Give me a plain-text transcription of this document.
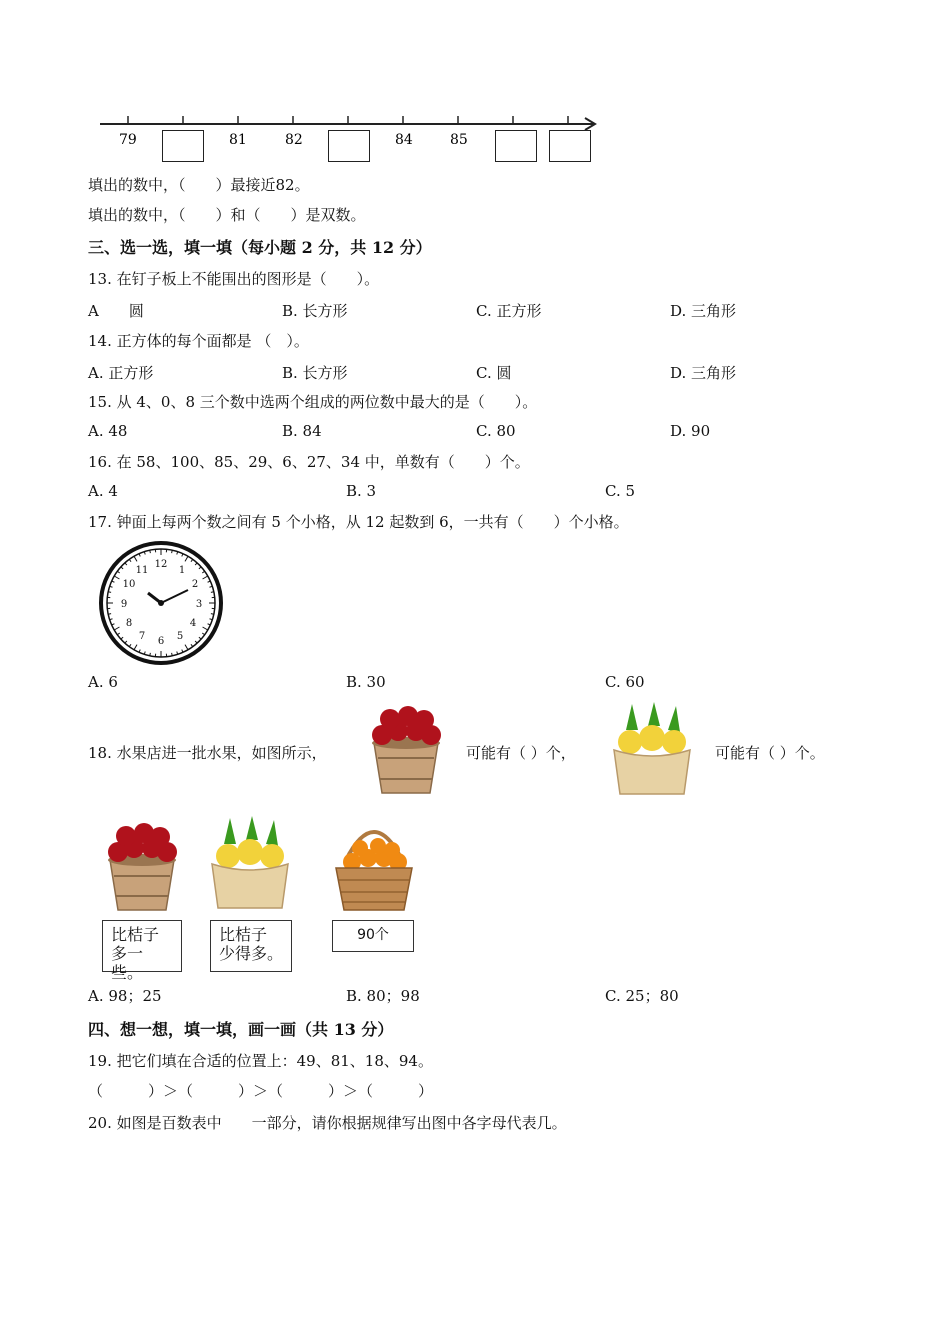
79	81	82	84	85
填出的数中，（　　）最接近82。
填出的数中，（　　）和（　　）是双数。
三、选一选，填一填（每小题 2 分，共 12 分）
13. 在钉子板上不能围出的图形是（　　）。
A　　圆	B. 长方形	C. 正方形	D. 三角形
14. 正方体的每个面都是 （　）。
A. 正方形	B. 长方形	C. 圆	D. 三角形
15. 从 4、0、8 三个数中选两个组成的两位数中最大的是（　　）。
A. 48	B. 84	C. 80	D. 90
16. 在 58、100、85、29、6、27、34 中，单数有（　　）个。
A. 4	B. 3	C. 5
17. 钟面上每两个数之间有 5 个小格，从 12 起数到 6，一共有（　　）个小格。
12
1
2
3
4
5
6
7
8
9
10
11
A. 6	B. 30	C. 60
18. 水果店进一批水果，如图所示，	可能有（ ）个，	可能有（ ）个。
比桔子
多一些。
比桔子
少得多。
90个
A. 98；25	B. 80；98	C. 25；80
四、想一想，填一填，画一画（共 13 分）
19. 把它们填在合适的位置上：49、81、18、94。
（　　　）＞（　　　）＞（　　　）＞（　　　）
20. 如图是百数表中　　一部分，请你根据规律写出图中各字母代表几。
